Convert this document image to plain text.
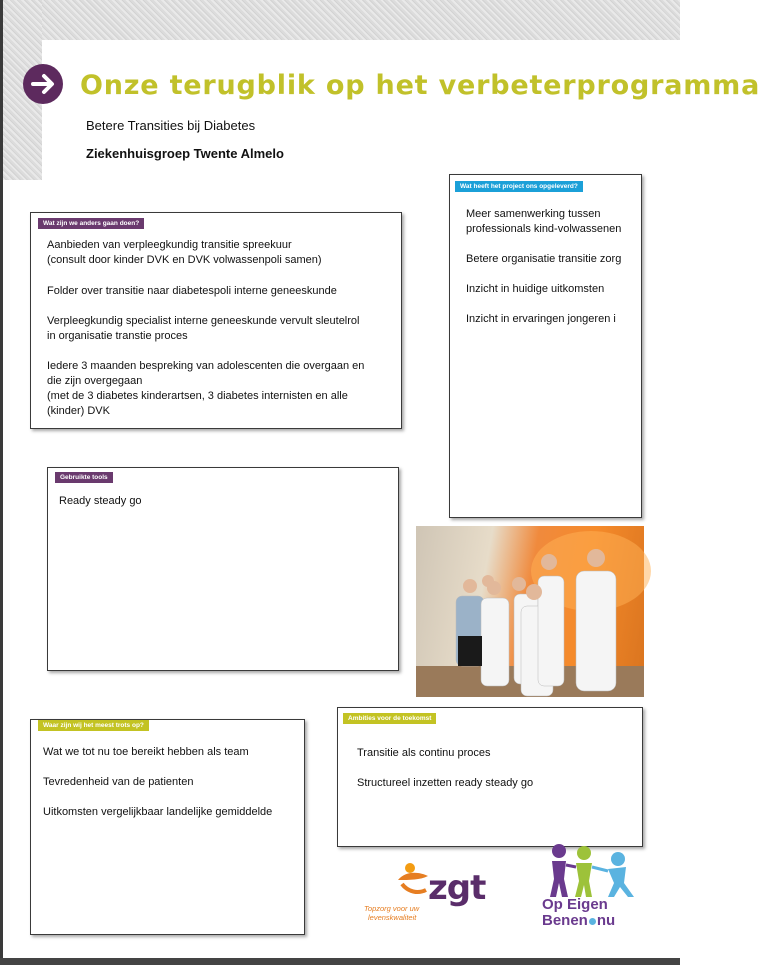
Onze terugblik op het verbeterprogramma
Betere Transities bij Diabetes
Ziekenhuisgroep Twente Almelo
Wat zijn we anders gaan doen?
Aanbieden van verpleegkundig transitie spreekuur
(consult door kinder DVK en DVK volwassenpoli samen)
Folder over transitie naar diabetespoli interne geneeskunde
Verpleegkundig specialist interne geneeskunde vervult sleutelrol
in organisatie transtie proces
Iedere 3 maanden bespreking van adolescenten die overgaan en
die zijn overgegaan
(met de 3 diabetes kinderartsen, 3 diabetes internisten en alle
(kinder) DVK
Wat heeft het project ons opgeleverd?
Meer samenwerking tussen
professionals kind-volwassenen
Betere organisatie transitie zorg
Inzicht in huidige uitkomsten
Inzicht in ervaringen jongeren i
Gebruikte tools
Ready steady go
Waar zijn wij het meest trots op?
Wat we tot nu toe bereikt hebben als team
Tevredenheid van de patienten
Uitkomsten vergelijkbaar landelijke gemiddelde
Ambities voor de toekomst
Transitie als continu proces
Structureel inzetten ready steady go
zgt
Topzorg voor uw
levenskwaliteit
Op Eigen
Benen nu
